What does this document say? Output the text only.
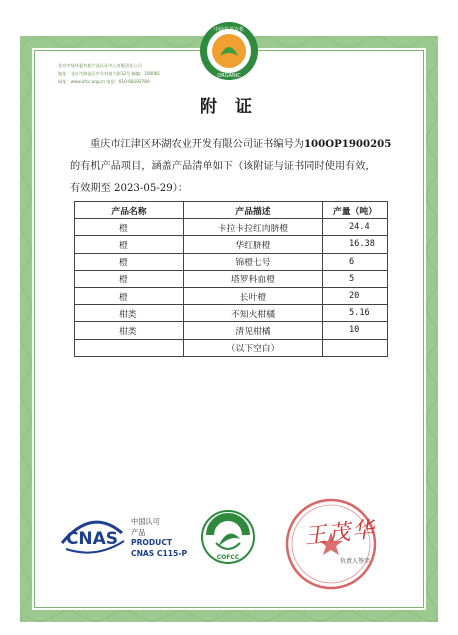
北京中绿华夏有机产品认证中心有限责任公司
地址：北京市海淀区中关村南大街12号 邮编：100081
网址：www.ofcc.org.cn 电话：010-68192780
中绿华夏有机
ORGANIC
附 证
重庆市江津区环湖农业开发有限公司证书编号为100OP1900205
的有机产品项目，涵盖产品清单如下（该附证与证书同时使用有效，
有效期至 2023-05-29）：
产品名称	产品描述	产量（吨）
橙	卡拉卡拉红肉脐橙	24.4
橙	华红脐橙	16.38
橙	锦橙七号	6
橙	塔罗科血橙	5
橙	长叶橙	20
柑类	不知火柑橘	5.16
柑类	清见柑橘	10
	（以下空白）	
CNAS
中国认可
产品
PRODUCT
CNAS C115-P
中绿华夏
COFCC
王茂华
负责人签字
